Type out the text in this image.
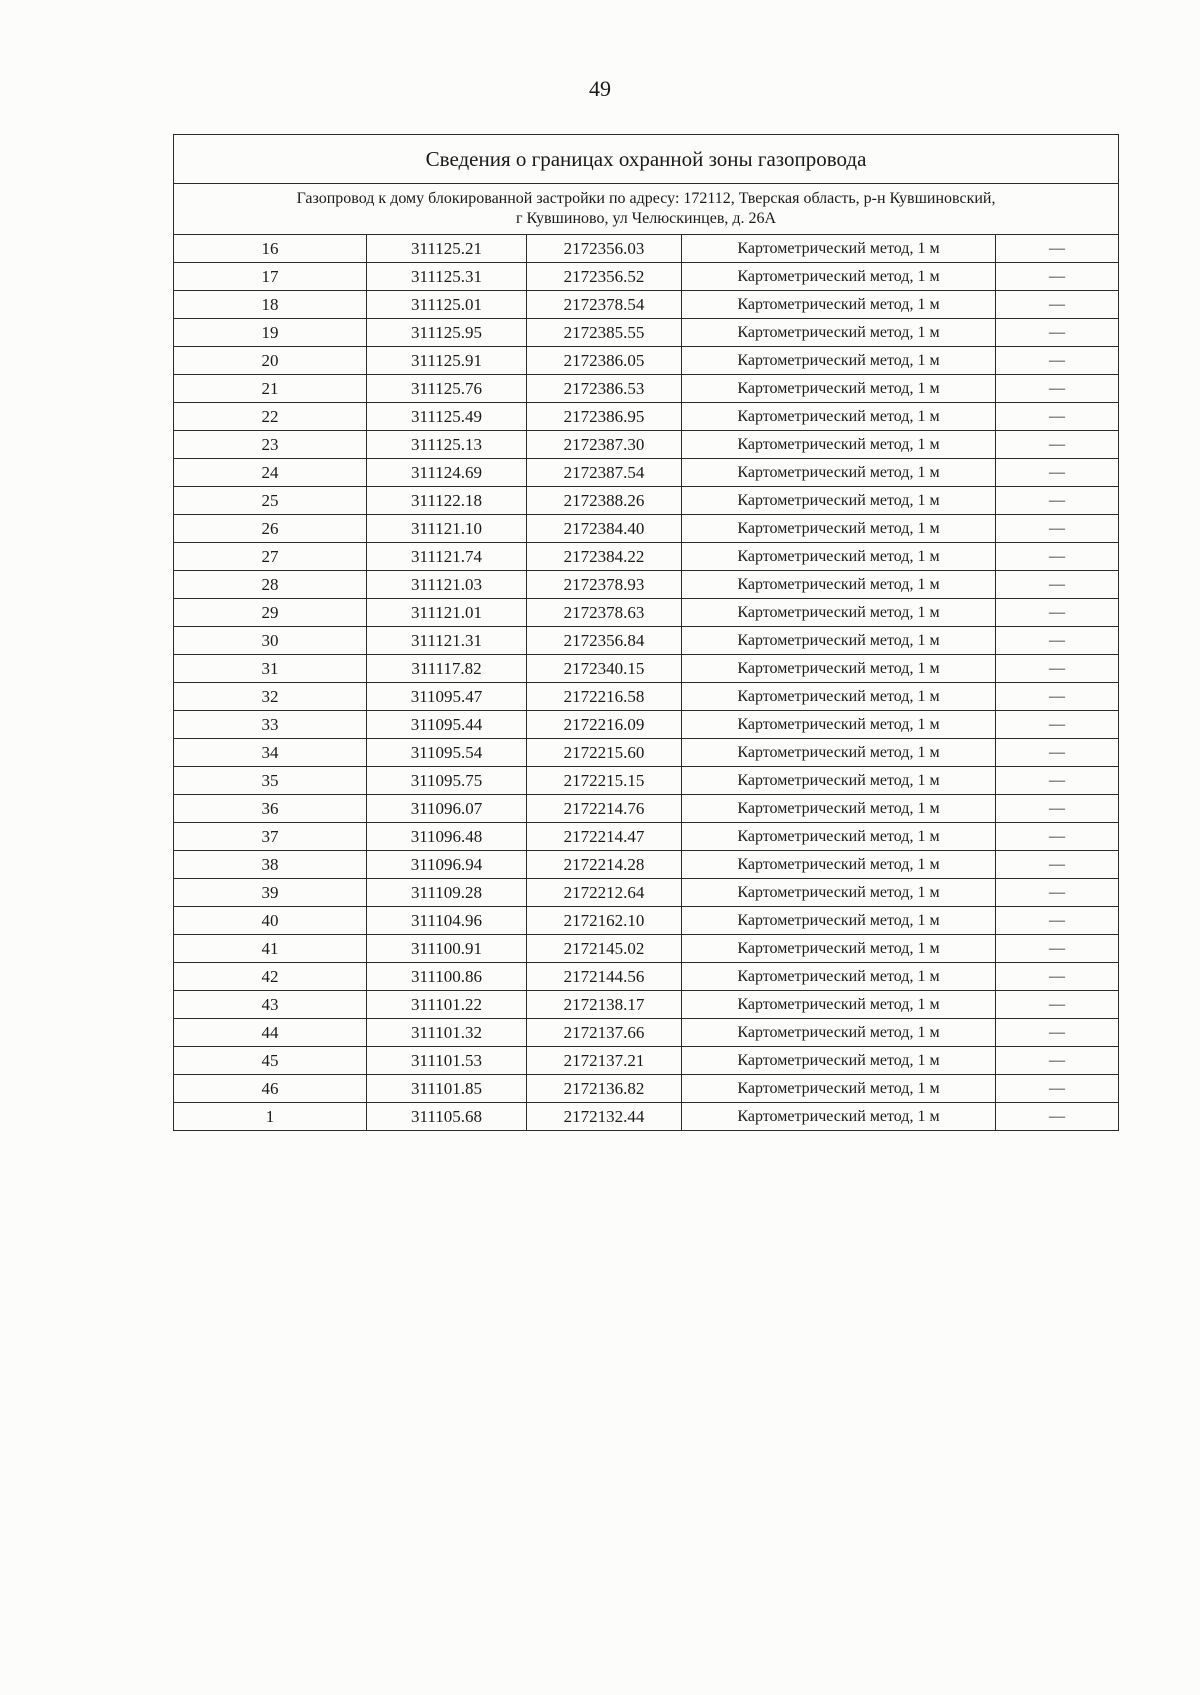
49
Сведения о границах охранной зоны газопровода				
Газопровод к дому блокированной застройки по адресу: 172112, Тверская область, р-н Кувшиновский,
г Кувшиново, ул Челюскинцев, д. 26А				
16	311125.21	2172356.03	Картометрический метод, 1 м	—
17	311125.31	2172356.52	Картометрический метод, 1 м	—
18	311125.01	2172378.54	Картометрический метод, 1 м	—
19	311125.95	2172385.55	Картометрический метод, 1 м	—
20	311125.91	2172386.05	Картометрический метод, 1 м	—
21	311125.76	2172386.53	Картометрический метод, 1 м	—
22	311125.49	2172386.95	Картометрический метод, 1 м	—
23	311125.13	2172387.30	Картометрический метод, 1 м	—
24	311124.69	2172387.54	Картометрический метод, 1 м	—
25	311122.18	2172388.26	Картометрический метод, 1 м	—
26	311121.10	2172384.40	Картометрический метод, 1 м	—
27	311121.74	2172384.22	Картометрический метод, 1 м	—
28	311121.03	2172378.93	Картометрический метод, 1 м	—
29	311121.01	2172378.63	Картометрический метод, 1 м	—
30	311121.31	2172356.84	Картометрический метод, 1 м	—
31	311117.82	2172340.15	Картометрический метод, 1 м	—
32	311095.47	2172216.58	Картометрический метод, 1 м	—
33	311095.44	2172216.09	Картометрический метод, 1 м	—
34	311095.54	2172215.60	Картометрический метод, 1 м	—
35	311095.75	2172215.15	Картометрический метод, 1 м	—
36	311096.07	2172214.76	Картометрический метод, 1 м	—
37	311096.48	2172214.47	Картометрический метод, 1 м	—
38	311096.94	2172214.28	Картометрический метод, 1 м	—
39	311109.28	2172212.64	Картометрический метод, 1 м	—
40	311104.96	2172162.10	Картометрический метод, 1 м	—
41	311100.91	2172145.02	Картометрический метод, 1 м	—
42	311100.86	2172144.56	Картометрический метод, 1 м	—
43	311101.22	2172138.17	Картометрический метод, 1 м	—
44	311101.32	2172137.66	Картометрический метод, 1 м	—
45	311101.53	2172137.21	Картометрический метод, 1 м	—
46	311101.85	2172136.82	Картометрический метод, 1 м	—
1	311105.68	2172132.44	Картометрический метод, 1 м	—
